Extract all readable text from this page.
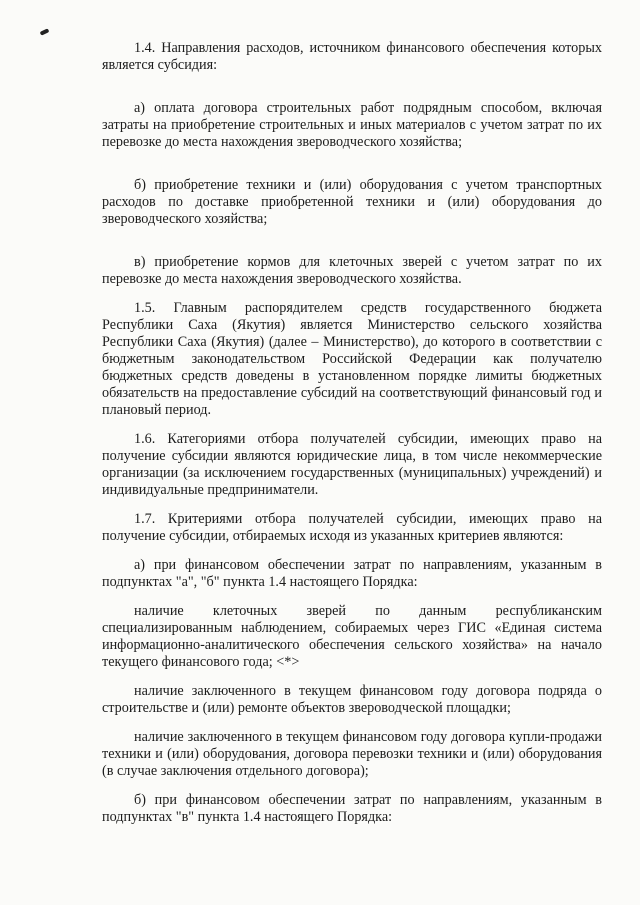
1.4. Направления расходов, источником финансового обеспечения которых является субсидия:

а) оплата договора строительных работ подрядным способом, включая затраты на приобретение строительных и иных материалов с учетом затрат по их перевозке до места нахождения звероводческого хозяйства;

б) приобретение техники и (или) оборудования с учетом транспортных расходов по доставке приобретенной техники и (или) оборудования до звероводческого хозяйства;

в) приобретение кормов для клеточных зверей с учетом затрат по их перевозке до места нахождения звероводческого хозяйства.

1.5. Главным распорядителем средств государственного бюджета Республики Саха (Якутия) является Министерство сельского хозяйства Республики Саха (Якутия) (далее – Министерство), до которого в соответствии с бюджетным законодательством Российской Федерации как получателю бюджетных средств доведены в установленном порядке лимиты бюджетных обязательств на предоставление субсидий на соответствующий финансовый год и плановый период.

1.6. Категориями отбора получателей субсидии, имеющих право на получение субсидии являются юридические лица, в том числе некоммерческие организации (за исключением государственных (муниципальных) учреждений) и индивидуальные предприниматели.

1.7. Критериями отбора получателей субсидии, имеющих право на получение субсидии, отбираемых исходя из указанных критериев являются:

а) при финансовом обеспечении затрат по направлениям, указанным в подпунктах "а", "б" пункта 1.4 настоящего Порядка:

наличие клеточных зверей по данным республиканским специализированным наблюдением, собираемых через ГИС «Единая система информационно-аналитического обеспечения сельского хозяйства» на начало текущего финансового года; <*>

наличие заключенного в текущем финансовом году договора подряда о строительстве и (или) ремонте объектов звероводческой площадки;

наличие заключенного в текущем финансовом году договора купли-продажи техники и (или) оборудования, договора перевозки техники и (или) оборудования (в случае заключения отдельного договора);

б) при финансовом обеспечении затрат по направлениям, указанным в подпунктах "в" пункта 1.4 настоящего Порядка:
